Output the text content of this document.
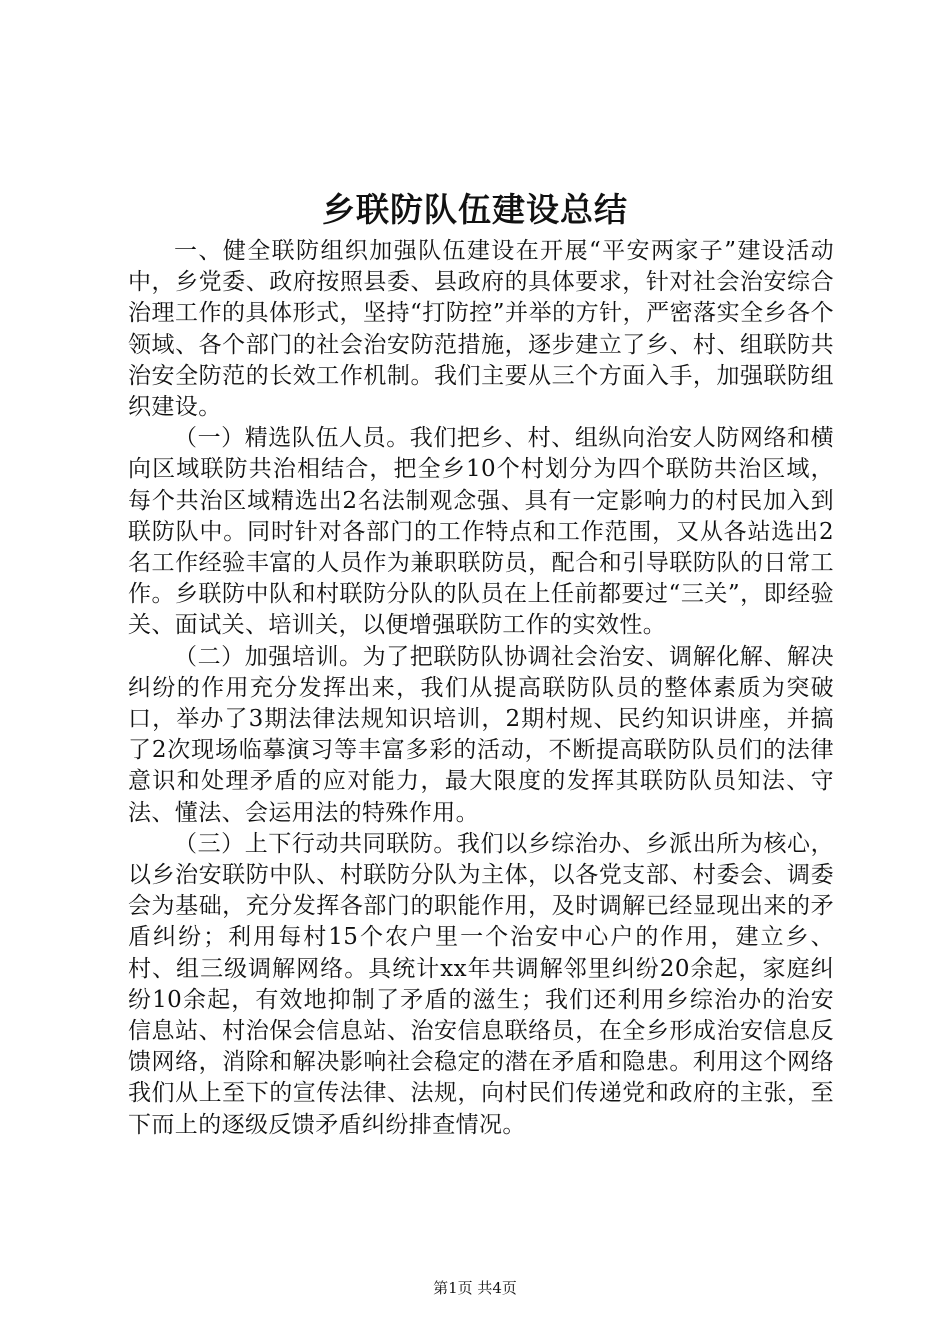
乡联防队伍建设总结

一、健全联防组织加强队伍建设在开展“平安两家子”建设活动中，乡党委、政府按照县委、县政府的具体要求，针对社会治安综合治理工作的具体形式，坚持“打防控”并举的方针，严密落实全乡各个领域、各个部门的社会治安防范措施，逐步建立了乡、村、组联防共治安全防范的长效工作机制。我们主要从三个方面入手，加强联防组织建设。

（一）精选队伍人员。我们把乡、村、组纵向治安人防网络和横向区域联防共治相结合，把全乡10个村划分为四个联防共治区域，每个共治区域精选出2名法制观念强、具有一定影响力的村民加入到联防队中。同时针对各部门的工作特点和工作范围，又从各站选出2名工作经验丰富的人员作为兼职联防员，配合和引导联防队的日常工作。乡联防中队和村联防分队的队员在上任前都要过“三关”，即经验关、面试关、培训关，以便增强联防工作的实效性。

（二）加强培训。为了把联防队协调社会治安、调解化解、解决纠纷的作用充分发挥出来，我们从提高联防队员的整体素质为突破口，举办了3期法律法规知识培训，2期村规、民约知识讲座，并搞了2次现场临摹演习等丰富多彩的活动，不断提高联防队员们的法律意识和处理矛盾的应对能力，最大限度的发挥其联防队员知法、守法、懂法、会运用法的特殊作用。

（三）上下行动共同联防。我们以乡综治办、乡派出所为核心，以乡治安联防中队、村联防分队为主体，以各党支部、村委会、调委会为基础，充分发挥各部门的职能作用，及时调解已经显现出来的矛盾纠纷；利用每村15个农户里一个治安中心户的作用，建立乡、村、组三级调解网络。具统计xx年共调解邻里纠纷20余起，家庭纠纷10余起，有效地抑制了矛盾的滋生；我们还利用乡综治办的治安信息站、村治保会信息站、治安信息联络员，在全乡形成治安信息反馈网络，消除和解决影响社会稳定的潜在矛盾和隐患。利用这个网络我们从上至下的宣传法律、法规，向村民们传递党和政府的主张，至下而上的逐级反馈矛盾纠纷排查情况。

第1页 共4页
